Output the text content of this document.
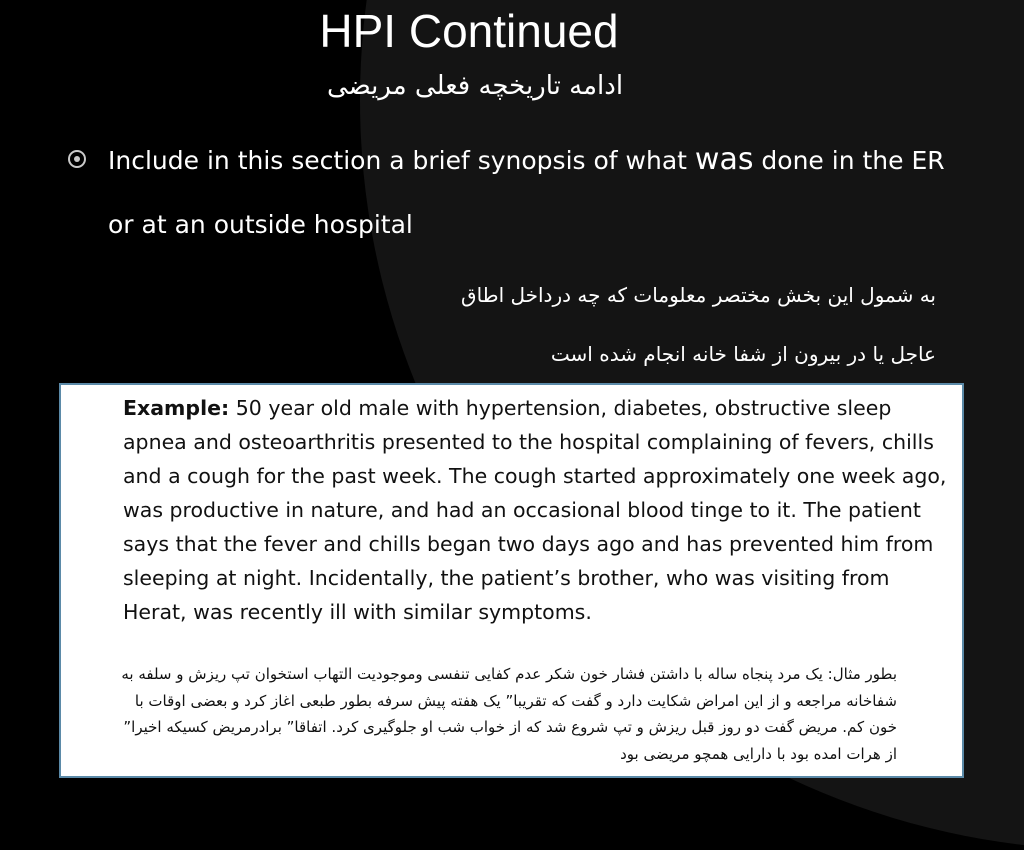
HPI Continued
ادامه تاریخچه فعلی مریضی
Include in this section a brief synopsis of what was done in the ER or at an outside hospital
به شمول این بخش مختصر معلومات که چه درداخل اطاق
عاجل یا در بیرون از شفا خانه انجام شده است

Example: 50 year old male with hypertension, diabetes, obstructive sleep apnea and osteoarthritis presented to the hospital complaining of fevers, chills and a cough for the past week. The cough started approximately one week ago, was productive in nature, and had an occasional blood tinge to it. The patient says that the fever and chills began two days ago and has prevented him from sleeping at night. Incidentally, the patient’s brother, who was visiting from Herat, was recently ill with similar symptoms.

بطور مثال: یک مرد پنجاه ساله با داشتن فشار خون شکر عدم کفایی تنفسی وموجودیت التهاب استخوان تپ ریزش و سلفه به شفاخانه مراجعه و از این امراض شکایت دارد و گفت که تقریبا” یک هفته پیش سرفه بطور طبعی اغاز کرد و بعضی اوقات با خون کم. مریض گفت دو روز قبل ریزش و تپ شروع شد که از خواب شب او جلوگیری کرد. اتفاقا” برادرمریض کسیکه اخیرا” از هرات امده بود با دارایی همچو مریضی بود
